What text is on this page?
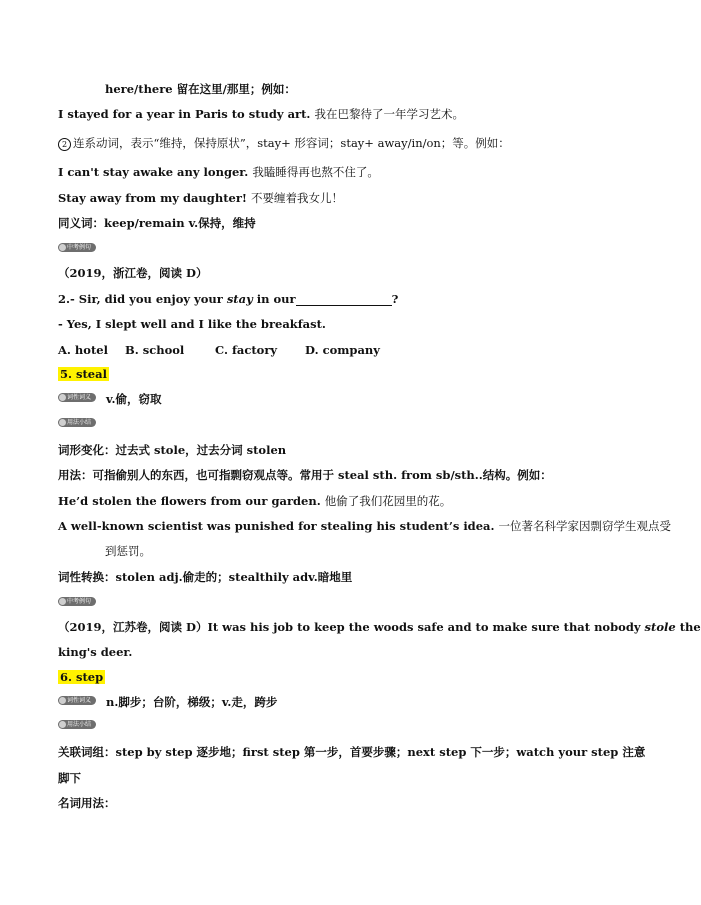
here/there 留在这里/那里；例如：
I stayed for a year in Paris to study art. 我在巴黎待了一年学习艺术。
2 连系动词，表示“维持，保持原状”，stay+ 形容词；stay+ away/in/on；等。例如：
I can't stay awake any longer. 我瞌睡得再也熬不住了。
Stay away from my daughter! 不要缠着我女儿！
同义词：keep/remain v.保持，维持
中考例句
（2019，浙江卷，阅读 D）
2.- Sir, did you enjoy your stay in our	?
- Yes, I slept well and I like the breakfast.
A. hotel B. school	C. factory D. company
5. steal
词性词义	v.偷，窃取
用法小结
词形变化：过去式 stole，过去分词 stolen
用法：可指偷别人的东西，也可指剽窃观点等。常用于 steal sth. from sb/sth..结构。例如：
He’d stolen the flowers from our garden. 他偷了我们花园里的花。
A well-known scientist was punished for stealing his student’s idea. 一位著名科学家因剽窃学生观点受
到惩罚。
词性转换：stolen adj.偷走的；stealthily adv.暗地里
中考例句
（2019，江苏卷，阅读 D）It was his job to keep the woods safe and to make sure that nobody stole the
king's deer.
6. step
词性词义	n.脚步；台阶，梯级；v.走，跨步
用法小结
关联词组：step by step 逐步地；first step 第一步，首要步骤；next step 下一步；watch your step 注意
脚下
名词用法：
